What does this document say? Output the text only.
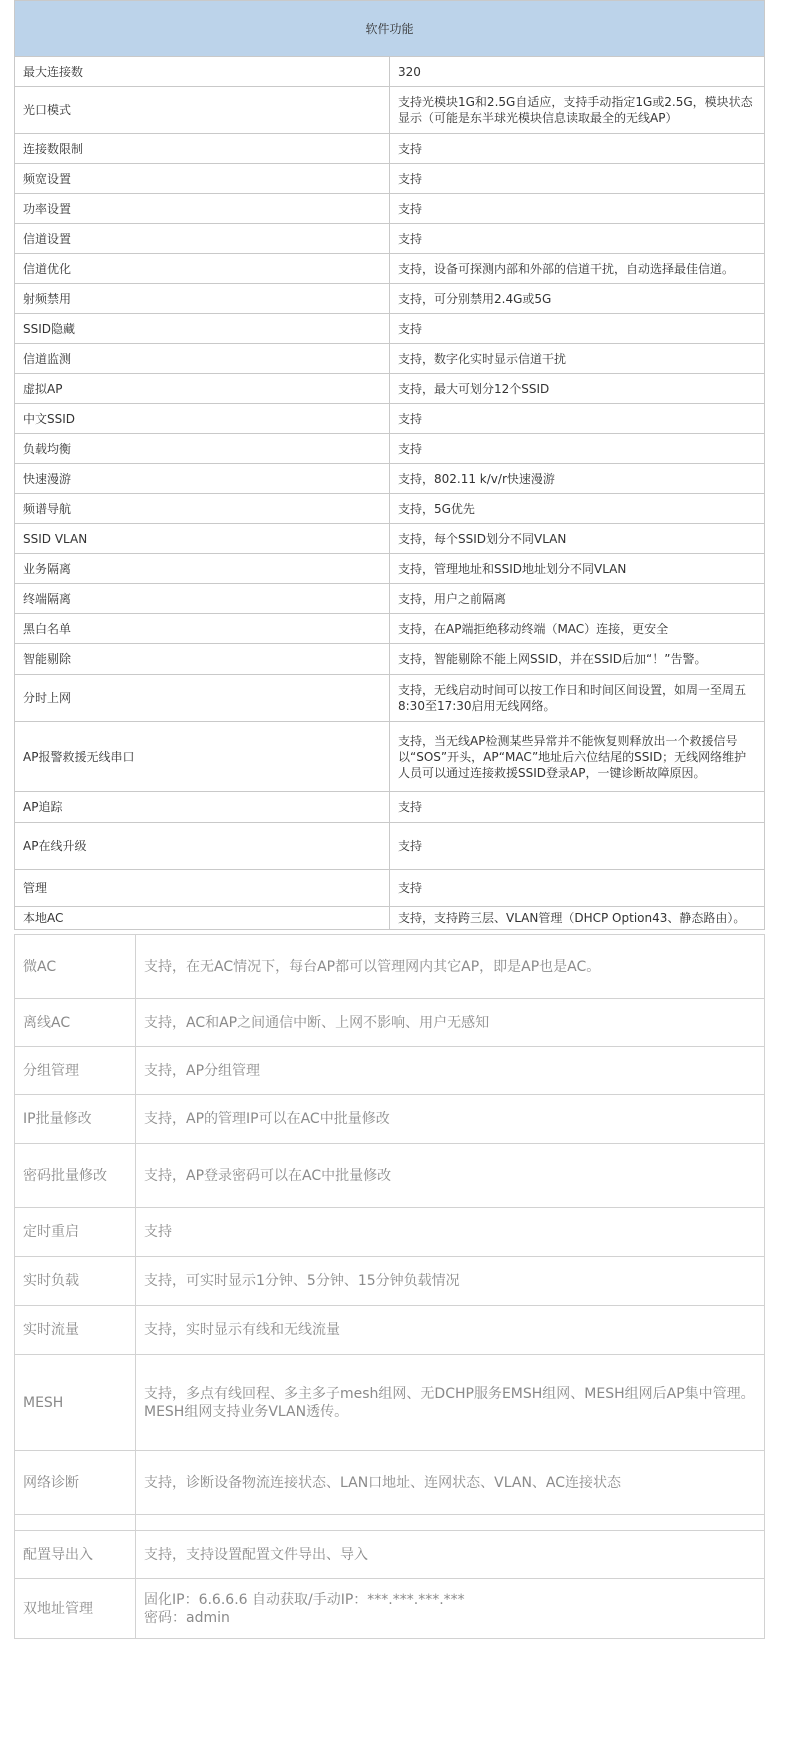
软件功能	
最大连接数	320
光口模式	支持光模块1G和2.5G自适应，支持手动指定1G或2.5G，模块状态显示（可能是东半球光模块信息读取最全的无线AP）
连接数限制	支持
频宽设置	支持
功率设置	支持
信道设置	支持
信道优化	支持，设备可探测内部和外部的信道干扰，自动选择最佳信道。
射频禁用	支持，可分别禁用2.4G或5G
SSID隐藏	支持
信道监测	支持，数字化实时显示信道干扰
虚拟AP	支持，最大可划分12个SSID
中文SSID	支持
负载均衡	支持
快速漫游	支持，802.11 k/v/r快速漫游
频谱导航	支持，5G优先
SSID VLAN	支持，每个SSID划分不同VLAN
业务隔离	支持，管理地址和SSID地址划分不同VLAN
终端隔离	支持，用户之前隔离
黑白名单	支持，在AP端拒绝移动终端（MAC）连接，更安全
智能剔除	支持，智能剔除不能上网SSID，并在SSID后加“！”告警。
分时上网	支持，无线启动时间可以按工作日和时间区间设置，如周一至周五8:30至17:30启用无线网络。
AP报警救援无线串口	支持，当无线AP检测某些异常并不能恢复则释放出一个救援信号以“SOS”开头，AP“MAC”地址后六位结尾的SSID；无线网络维护人员可以通过连接救援SSID登录AP，一键诊断故障原因。
AP追踪	支持
AP在线升级	支持
管理	支持
本地AC	支持，支持跨三层、VLAN管理（DHCP Option43、静态路由）。
微AC	支持，在无AC情况下，每台AP都可以管理网内其它AP，即是AP也是AC。
离线AC	支持，AC和AP之间通信中断、上网不影响、用户无感知
分组管理	支持，AP分组管理
IP批量修改	支持，AP的管理IP可以在AC中批量修改
密码批量修改	支持，AP登录密码可以在AC中批量修改
定时重启	支持
实时负载	支持，可实时显示1分钟、5分钟、15分钟负载情况
实时流量	支持，实时显示有线和无线流量
MESH	支持，多点有线回程、多主多子mesh组网、无DCHP服务EMSH组网、MESH组网后AP集中管理。
MESH组网支持业务VLAN透传。

网络诊断	支持，诊断设备物流连接状态、LAN口地址、连网状态、VLAN、AC连接状态

配置导出入	支持，支持设置配置文件导出、导入
双地址管理	固化IP：6.6.6.6 自动获取/手动IP：***.***.***.***
密码：admin
